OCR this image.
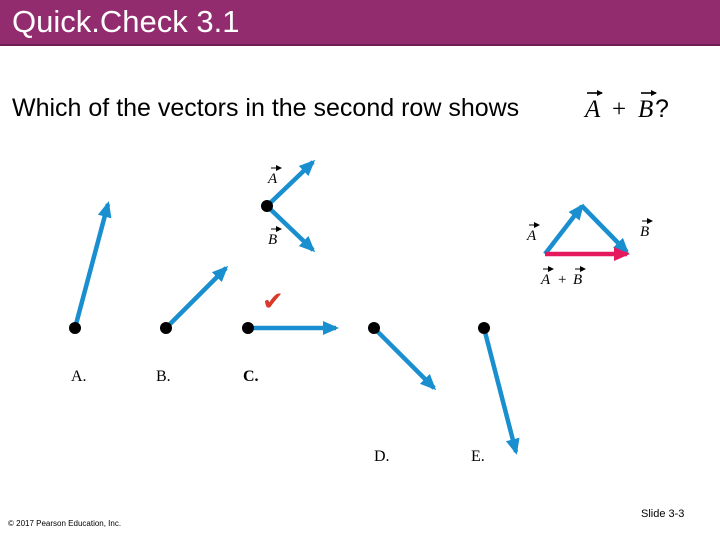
Quick.Check 3.1
Which of the vectors in the second row shows	A + B ?
A
B	A	B
A + B
A.	B.	C.
✔
D.	E.
© 2017 Pearson Education, Inc.
Slide 3-3
